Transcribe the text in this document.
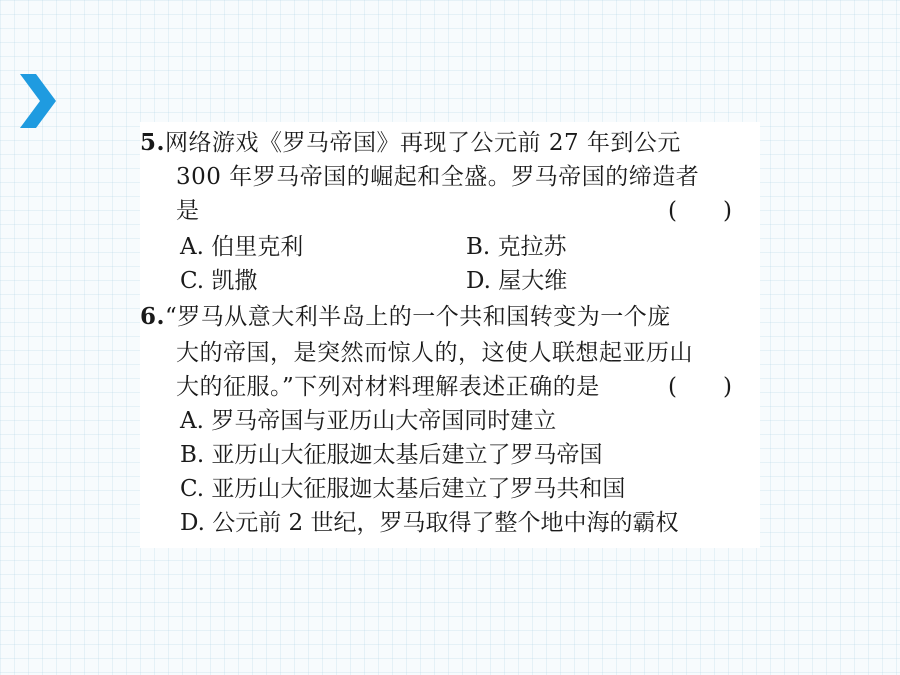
5.网络游戏《罗马帝国》再现了公元前 27 年到公元
300 年罗马帝国的崛起和全盛。罗马帝国的缔造者
是	(　　)
A. 伯里克利	B. 克拉苏
C. 凯撒	D. 屋大维
6.“罗马从意大利半岛上的一个共和国转变为一个庞
大的帝国，是突然而惊人的，这使人联想起亚历山
大的征服。”下列对材料理解表述正确的是	(　　)
A. 罗马帝国与亚历山大帝国同时建立
B. 亚历山大征服迦太基后建立了罗马帝国
C. 亚历山大征服迦太基后建立了罗马共和国
D. 公元前 2 世纪，罗马取得了整个地中海的霸权
